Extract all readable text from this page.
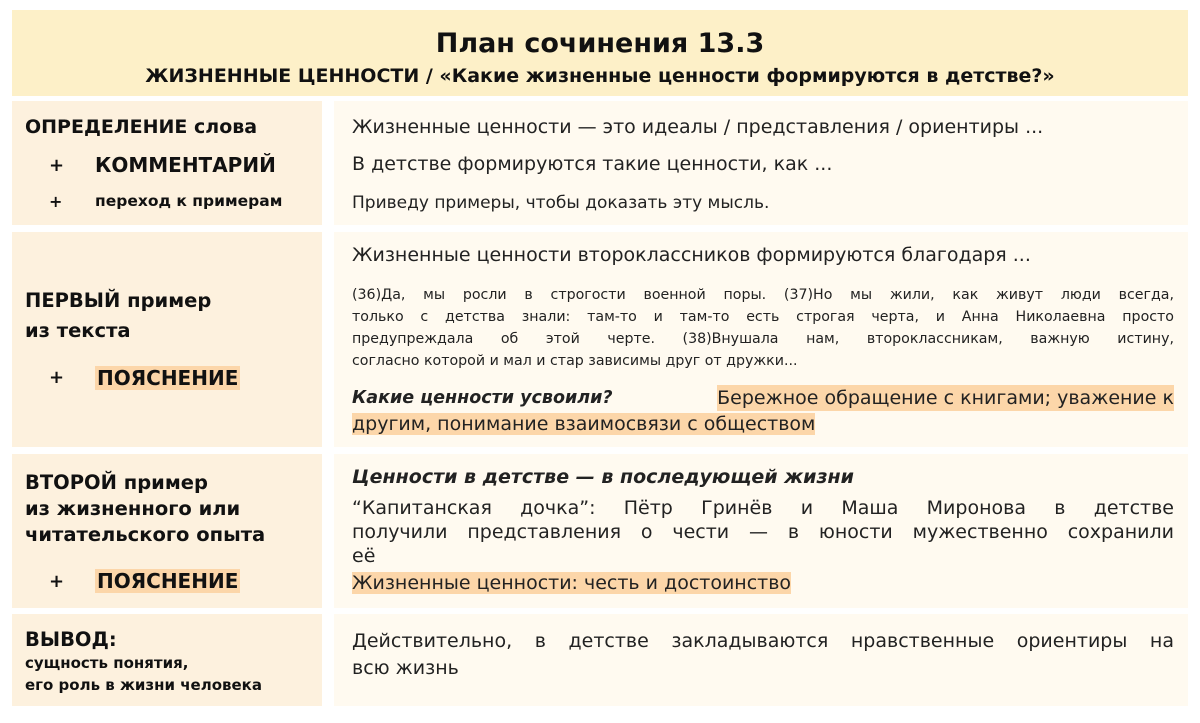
План сочинения 13.3
ЖИЗНЕННЫЕ ЦЕННОСТИ / «Какие жизненные ценности формируются в детстве?»
ОПРЕДЕЛЕНИЕ слова
+ КОММЕНТАРИЙ
+ переход к примерам
Жизненные ценности — это идеалы / представления / ориентиры ...
В детстве формируются такие ценности, как ...
Приведу примеры, чтобы доказать эту мысль.
ПЕРВЫЙ пример
из текста
+ ПОЯСНЕНИЕ
Жизненные ценности второклассников формируются благодаря ...
(36)Да, мы росли в строгости военной поры. (37)Но мы жили, как живут люди всегда,
только с детства знали: там-то и там-то есть строгая черта, и Анна Николаевна просто
предупреждала об этой черте. (38)Внушала нам, второклассникам, важную истину,
согласно которой и мал и стар зависимы друг от дружки...
Какие ценности усвоили?	Бережное обращение с книгами; уважение к
другим, понимание взаимосвязи с обществом
ВТОРОЙ пример
из жизненного или
читательского опыта
+ ПОЯСНЕНИЕ
Ценности в детстве — в последующей жизни
“Капитанская дочка”: Пётр Гринёв и Маша Миронова в детстве
получили представления о чести — в юности мужественно сохранили
её
Жизненные ценности: честь и достоинство
ВЫВОД:
сущность понятия,
его роль в жизни человека
Действительно, в детстве закладываются нравственные ориентиры на
всю жизнь
